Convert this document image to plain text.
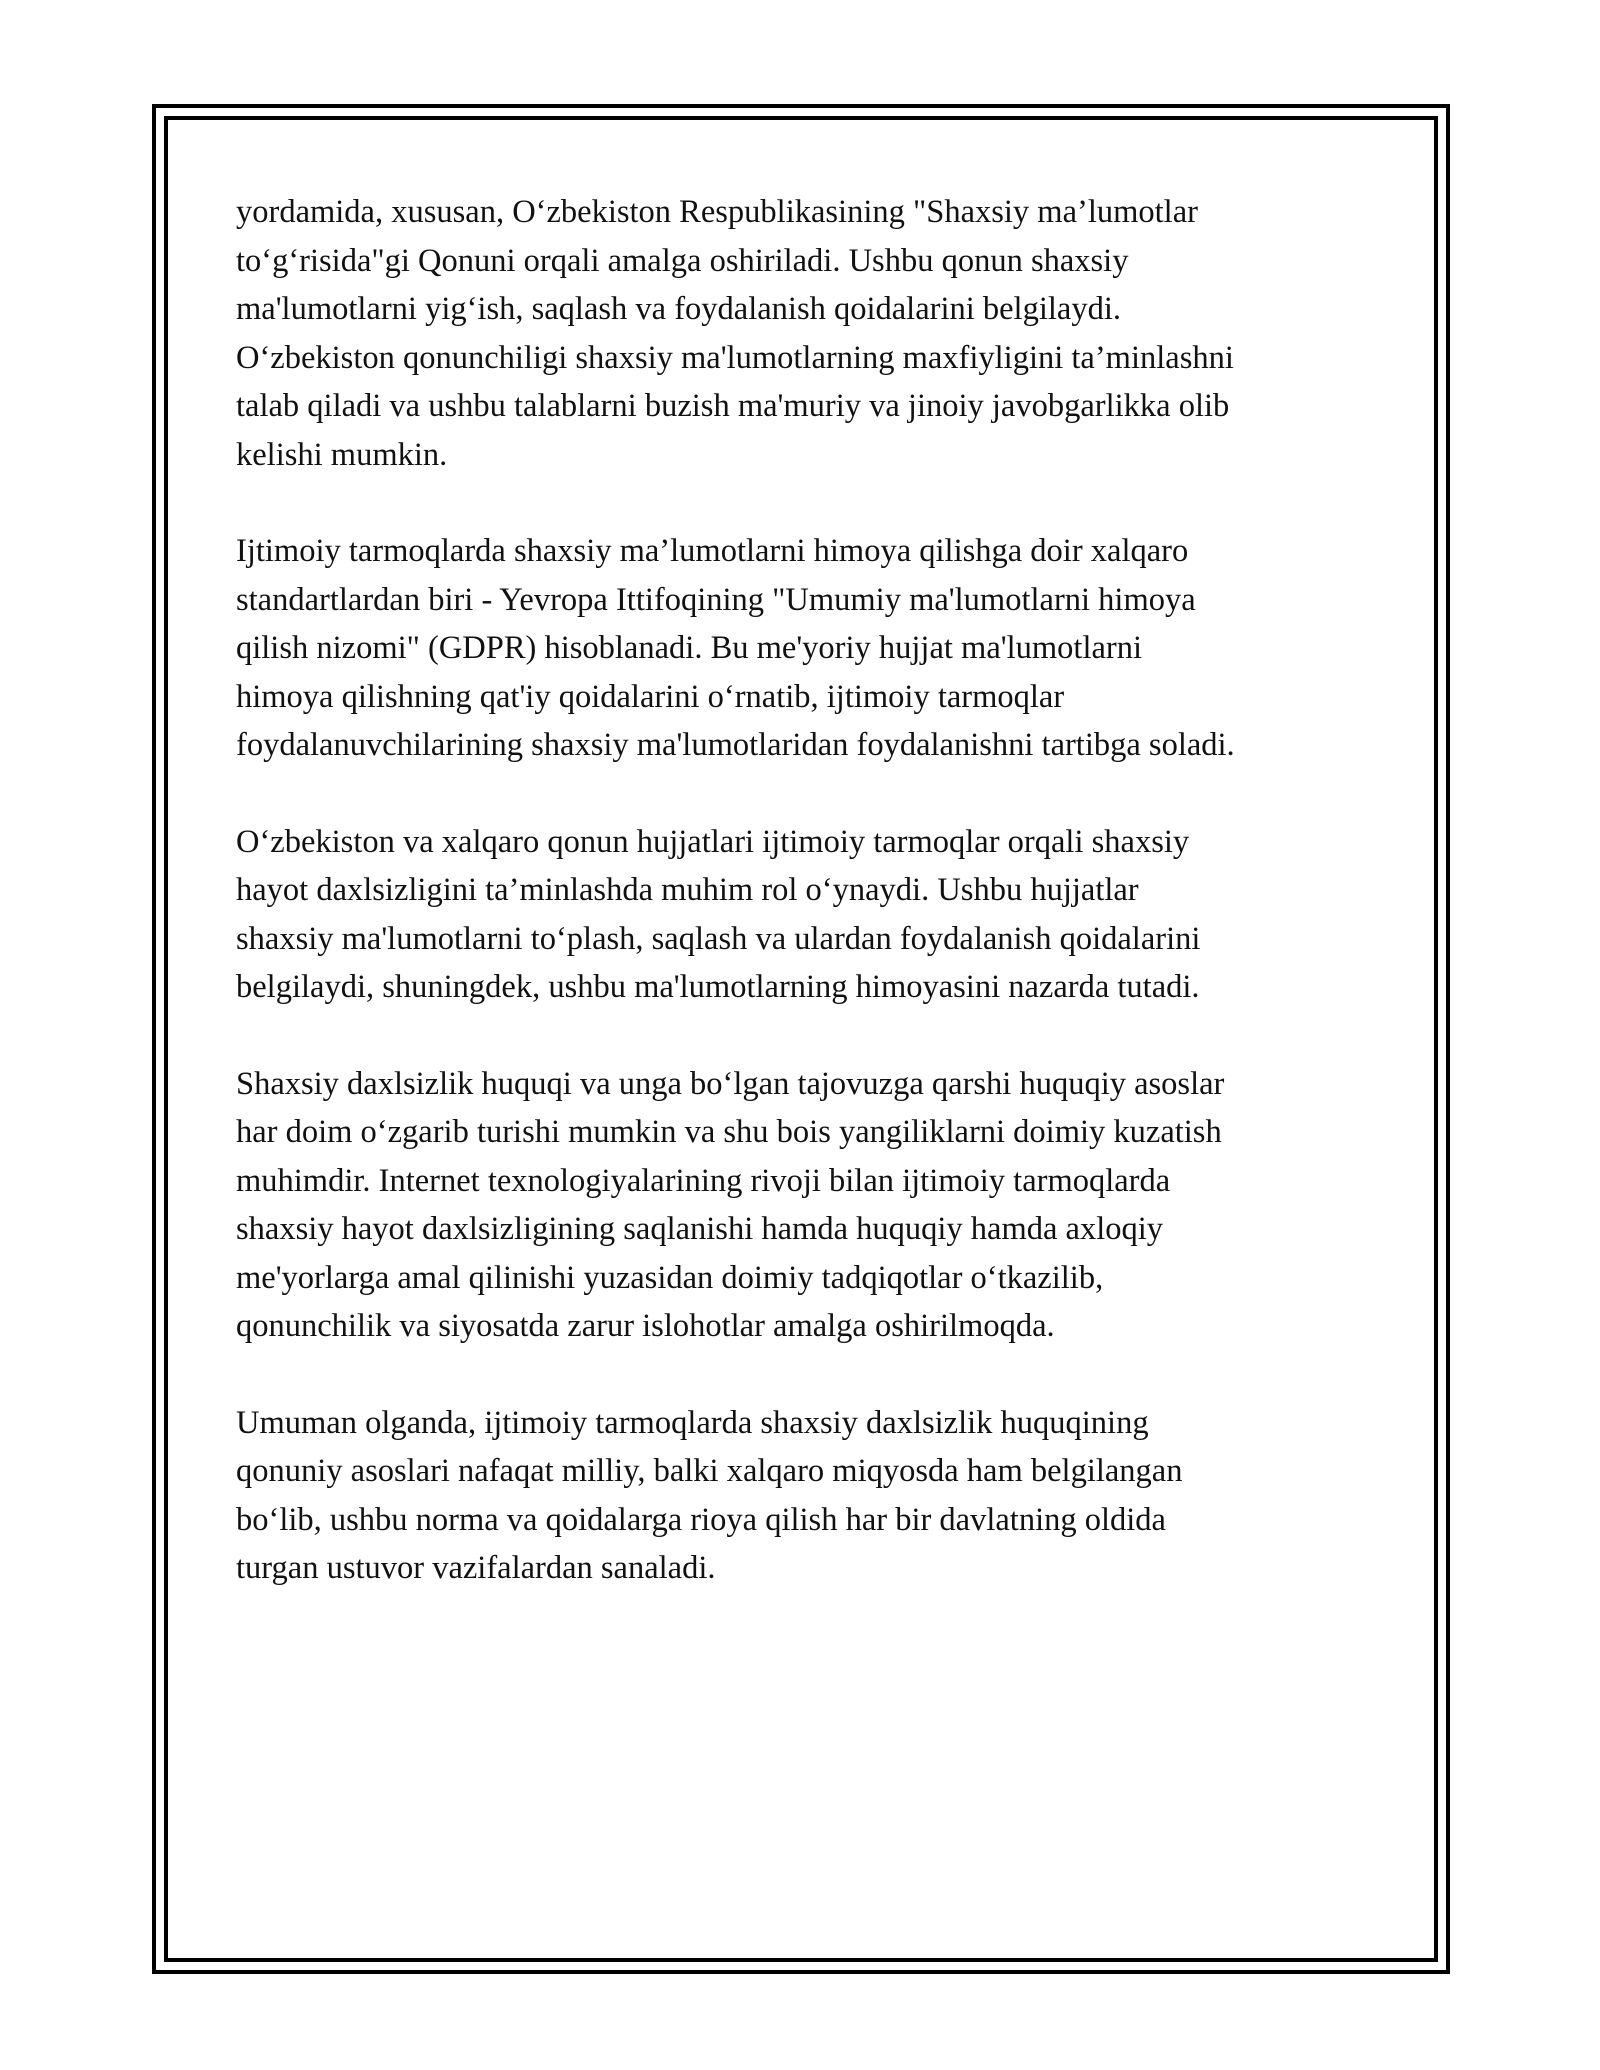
yordamida, xususan, O‘zbekiston Respublikasining "Shaxsiy ma’lumotlar
to‘g‘risida"gi Qonuni orqali amalga oshiriladi. Ushbu qonun shaxsiy
ma'lumotlarni yig‘ish, saqlash va foydalanish qoidalarini belgilaydi.
O‘zbekiston qonunchiligi shaxsiy ma'lumotlarning maxfiyligini ta’minlashni
talab qiladi va ushbu talablarni buzish ma'muriy va jinoiy javobgarlikka olib
kelishi mumkin.

Ijtimoiy tarmoqlarda shaxsiy ma’lumotlarni himoya qilishga doir xalqaro
standartlardan biri - Yevropa Ittifoqining "Umumiy ma'lumotlarni himoya
qilish nizomi" (GDPR) hisoblanadi. Bu me'yoriy hujjat ma'lumotlarni
himoya qilishning qat'iy qoidalarini o‘rnatib, ijtimoiy tarmoqlar
foydalanuvchilarining shaxsiy ma'lumotlaridan foydalanishni tartibga soladi.

O‘zbekiston va xalqaro qonun hujjatlari ijtimoiy tarmoqlar orqali shaxsiy
hayot daxlsizligini ta’minlashda muhim rol o‘ynaydi. Ushbu hujjatlar
shaxsiy ma'lumotlarni to‘plash, saqlash va ulardan foydalanish qoidalarini
belgilaydi, shuningdek, ushbu ma'lumotlarning himoyasini nazarda tutadi.

Shaxsiy daxlsizlik huquqi va unga bo‘lgan tajovuzga qarshi huquqiy asoslar
har doim o‘zgarib turishi mumkin va shu bois yangiliklarni doimiy kuzatish
muhimdir. Internet texnologiyalarining rivoji bilan ijtimoiy tarmoqlarda
shaxsiy hayot daxlsizligining saqlanishi hamda huquqiy hamda axloqiy
me'yorlarga amal qilinishi yuzasidan doimiy tadqiqotlar o‘tkazilib,
qonunchilik va siyosatda zarur islohotlar amalga oshirilmoqda.

Umuman olganda, ijtimoiy tarmoqlarda shaxsiy daxlsizlik huquqining
qonuniy asoslari nafaqat milliy, balki xalqaro miqyosda ham belgilangan
bo‘lib, ushbu norma va qoidalarga rioya qilish har bir davlatning oldida
turgan ustuvor vazifalardan sanaladi.
